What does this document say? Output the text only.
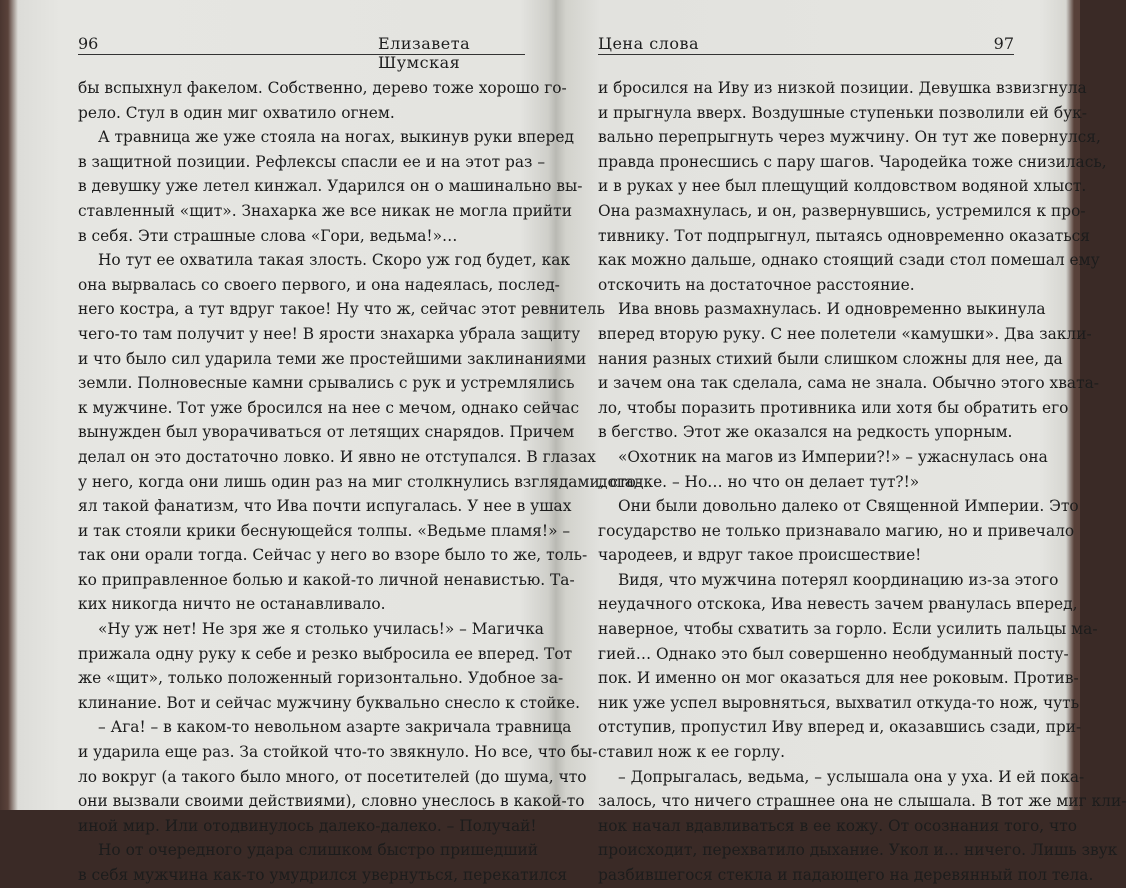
96	Елизавета Шумская
бы вспыхнул факелом. Собственно, дерево тоже хорошо го-
рело. Стул в один миг охватило огнем.
А травница же уже стояла на ногах, выкинув руки вперед
в защитной позиции. Рефлексы спасли ее и на этот раз –
в девушку уже летел кинжал. Ударился он о машинально вы-
ставленный «щит». Знахарка же все никак не могла прийти
в себя. Эти страшные слова «Гори, ведьма!»…
Но тут ее охватила такая злость. Скоро уж год будет, как
она вырвалась со своего первого, и она надеялась, послед-
него костра, а тут вдруг такое! Ну что ж, сейчас этот ревнитель
чего-то там получит у нее! В ярости знахарка убрала защиту
и что было сил ударила теми же простейшими заклинаниями
земли. Полновесные камни срывались с рук и устремлялись
к мужчине. Тот уже бросился на нее с мечом, однако сейчас
вынужден был уворачиваться от летящих снарядов. Причем
делал он это достаточно ловко. И явно не отступался. В глазах
у него, когда они лишь один раз на миг столкнулись взглядами, сто-
ял такой фанатизм, что Ива почти испугалась. У нее в ушах
и так стояли крики беснующейся толпы. «Ведьме пламя!» –
так они орали тогда. Сейчас у него во взоре было то же, толь-
ко приправленное болью и какой-то личной ненавистью. Та-
ких никогда ничто не останавливало.
«Ну уж нет! Не зря же я столько училась!» – Магичка
прижала одну руку к себе и резко выбросила ее вперед. Тот
же «щит», только положенный горизонтально. Удобное за-
клинание. Вот и сейчас мужчину буквально снесло к стойке.
– Ага! – в каком-то невольном азарте закричала травница
и ударила еще раз. За стойкой что-то звякнуло. Но все, что бы-
ло вокруг (а такого было много, от посетителей (до шума, что
они вызвали своими действиями), словно унеслось в какой-то
иной мир. Или отодвинулось далеко-далеко. – Получай!
Но от очередного удара слишком быстро пришедший
в себя мужчина как-то умудрился увернуться, перекатился
Цена слова	97
и бросился на Иву из низкой позиции. Девушка взвизгнула
и прыгнула вверх. Воздушные ступеньки позволили ей бук-
вально перепрыгнуть через мужчину. Он тут же повернулся,
правда пронесшись с пару шагов. Чародейка тоже снизилась,
и в руках у нее был плещущий колдовством водяной хлыст.
Она размахнулась, и он, развернувшись, устремился к про-
тивнику. Тот подпрыгнул, пытаясь одновременно оказаться
как можно дальше, однако стоящий сзади стол помешал ему
отскочить на достаточное расстояние.
Ива вновь размахнулась. И одновременно выкинула
вперед вторую руку. С нее полетели «камушки». Два закли-
нания разных стихий были слишком сложны для нее, да
и зачем она так сделала, сама не знала. Обычно этого хвата-
ло, чтобы поразить противника или хотя бы обратить его
в бегство. Этот же оказался на редкость упорным.
«Охотник на магов из Империи?!» – ужаснулась она
догадке. – Но… но что он делает тут?!»
Они были довольно далеко от Священной Империи. Это
государство не только признавало магию, но и привечало
чародеев, и вдруг такое происшествие!
Видя, что мужчина потерял координацию из-за этого
неудачного отскока, Ива невесть зачем рванулась вперед,
наверное, чтобы схватить за горло. Если усилить пальцы ма-
гией… Однако это был совершенно необдуманный посту-
пок. И именно он мог оказаться для нее роковым. Против-
ник уже успел выровняться, выхватил откуда-то нож, чуть
отступив, пропустил Иву вперед и, оказавшись сзади, при-
ставил нож к ее горлу.
– Допрыгалась, ведьма, – услышала она у уха. И ей пока-
залось, что ничего страшнее она не слышала. В тот же миг кли-
нок начал вдавливаться в ее кожу. От осознания того, что
происходит, перехватило дыхание. Укол и… ничего. Лишь звук
разбившегося стекла и падающего на деревянный пол тела.
